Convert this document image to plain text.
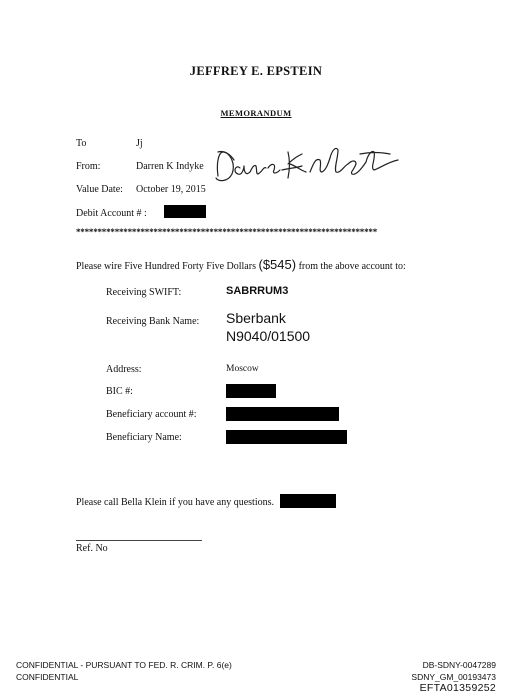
JEFFREY E. EPSTEIN
MEMORANDUM
To	Jj
From:	Darren K Indyke
Value Date: October 19, 2015
Debit Account # :
**********************************************************************
Please wire Five Hundred Forty Five Dollars ($545) from the above account to:
Receiving SWIFT:	SABRRUM3
Receiving Bank Name: Sberbank
N9040/01500
Address:	Moscow
BIC #:
Beneficiary account #:
Beneficiary Name:
Please call Bella Klein if you have any questions.
Ref. No
CONFIDENTIAL - PURSUANT TO FED. R. CRIM. P. 6(e)
CONFIDENTIAL
DB-SDNY-0047289
SDNY_GM_00193473
EFTA01359252
